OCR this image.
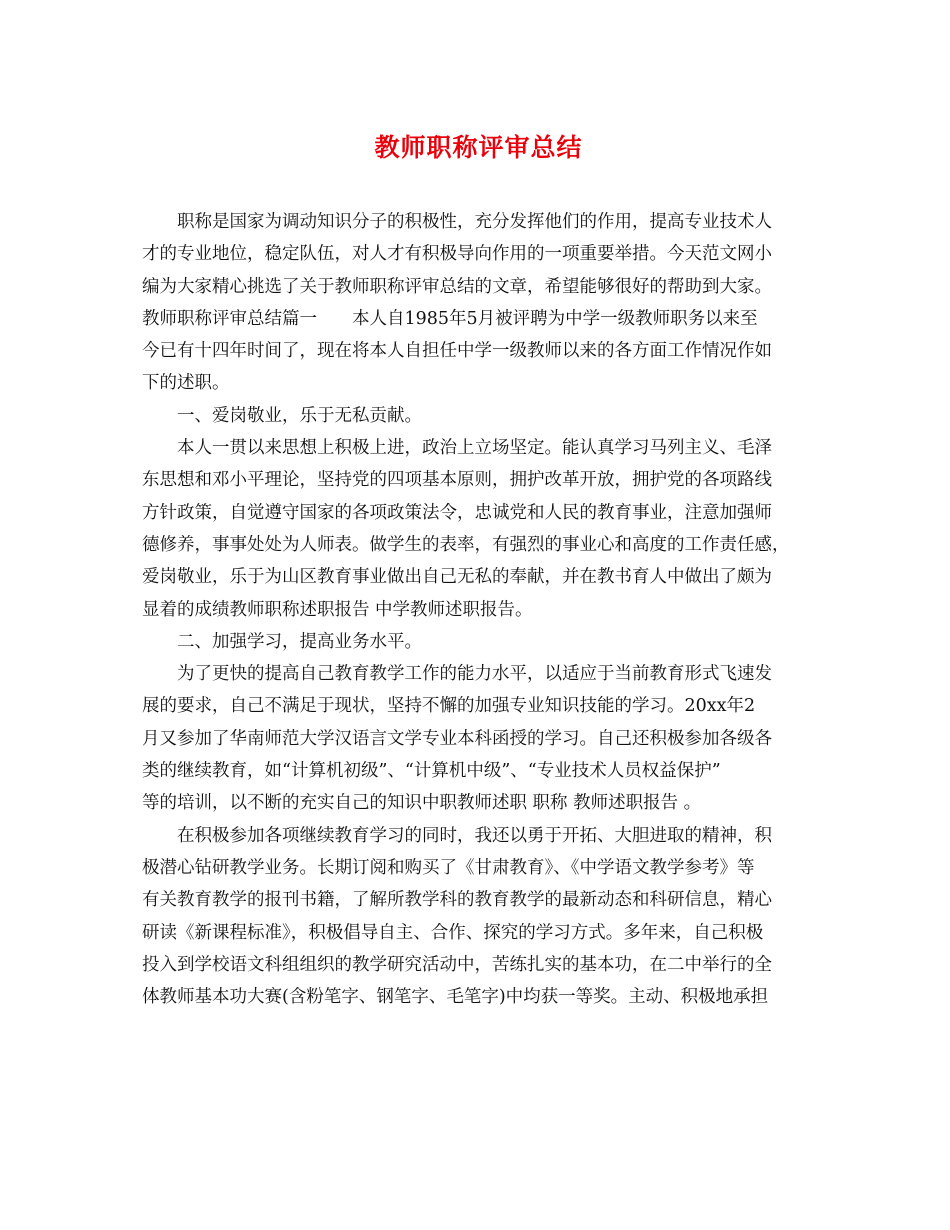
教师职称评审总结

职称是国家为调动知识分子的积极性，充分发挥他们的作用，提高专业技术人

才的专业地位，稳定队伍，对人才有积极导向作用的一项重要举措。今天范文网小

编为大家精心挑选了关于教师职称评审总结的文章，希望能够很好的帮助到大家。

教师职称评审总结篇一　　本人自1985年5月被评聘为中学一级教师职务以来至

今已有十四年时间了，现在将本人自担任中学一级教师以来的各方面工作情况作如

下的述职。

一、爱岗敬业，乐于无私贡献。

本人一贯以来思想上积极上进，政治上立场坚定。能认真学习马列主义、毛泽

东思想和邓小平理论，坚持党的四项基本原则，拥护改革开放，拥护党的各项路线

方针政策，自觉遵守国家的各项政策法令，忠诚党和人民的教育事业，注意加强师

德修养，事事处处为人师表。做学生的表率，有强烈的事业心和高度的工作责任感，

爱岗敬业，乐于为山区教育事业做出自己无私的奉献，并在教书育人中做出了颇为

显着的成绩教师职称述职报告 中学教师述职报告。

二、加强学习，提高业务水平。

为了更快的提高自己教育教学工作的能力水平，以适应于当前教育形式飞速发

展的要求，自己不满足于现状，坚持不懈的加强专业知识技能的学习。20xx年2

月又参加了华南师范大学汉语言文学专业本科函授的学习。自己还积极参加各级各

类的继续教育，如“计算机初级”、“计算机中级”、“专业技术人员权益保护”

等的培训，以不断的充实自己的知识中职教师述职 职称 教师述职报告 。

在积极参加各项继续教育学习的同时，我还以勇于开拓、大胆进取的精神，积

极潜心钻研教学业务。长期订阅和购买了《甘肃教育》、《中学语文教学参考》等

有关教育教学的报刊书籍，了解所教学科的教育教学的最新动态和科研信息，精心

研读《新课程标准》，积极倡导自主、合作、探究的学习方式。多年来，自己积极

投入到学校语文科组组织的教学研究活动中，苦练扎实的基本功，在二中举行的全

体教师基本功大赛(含粉笔字、钢笔字、毛笔字)中均获一等奖。主动、积极地承担
